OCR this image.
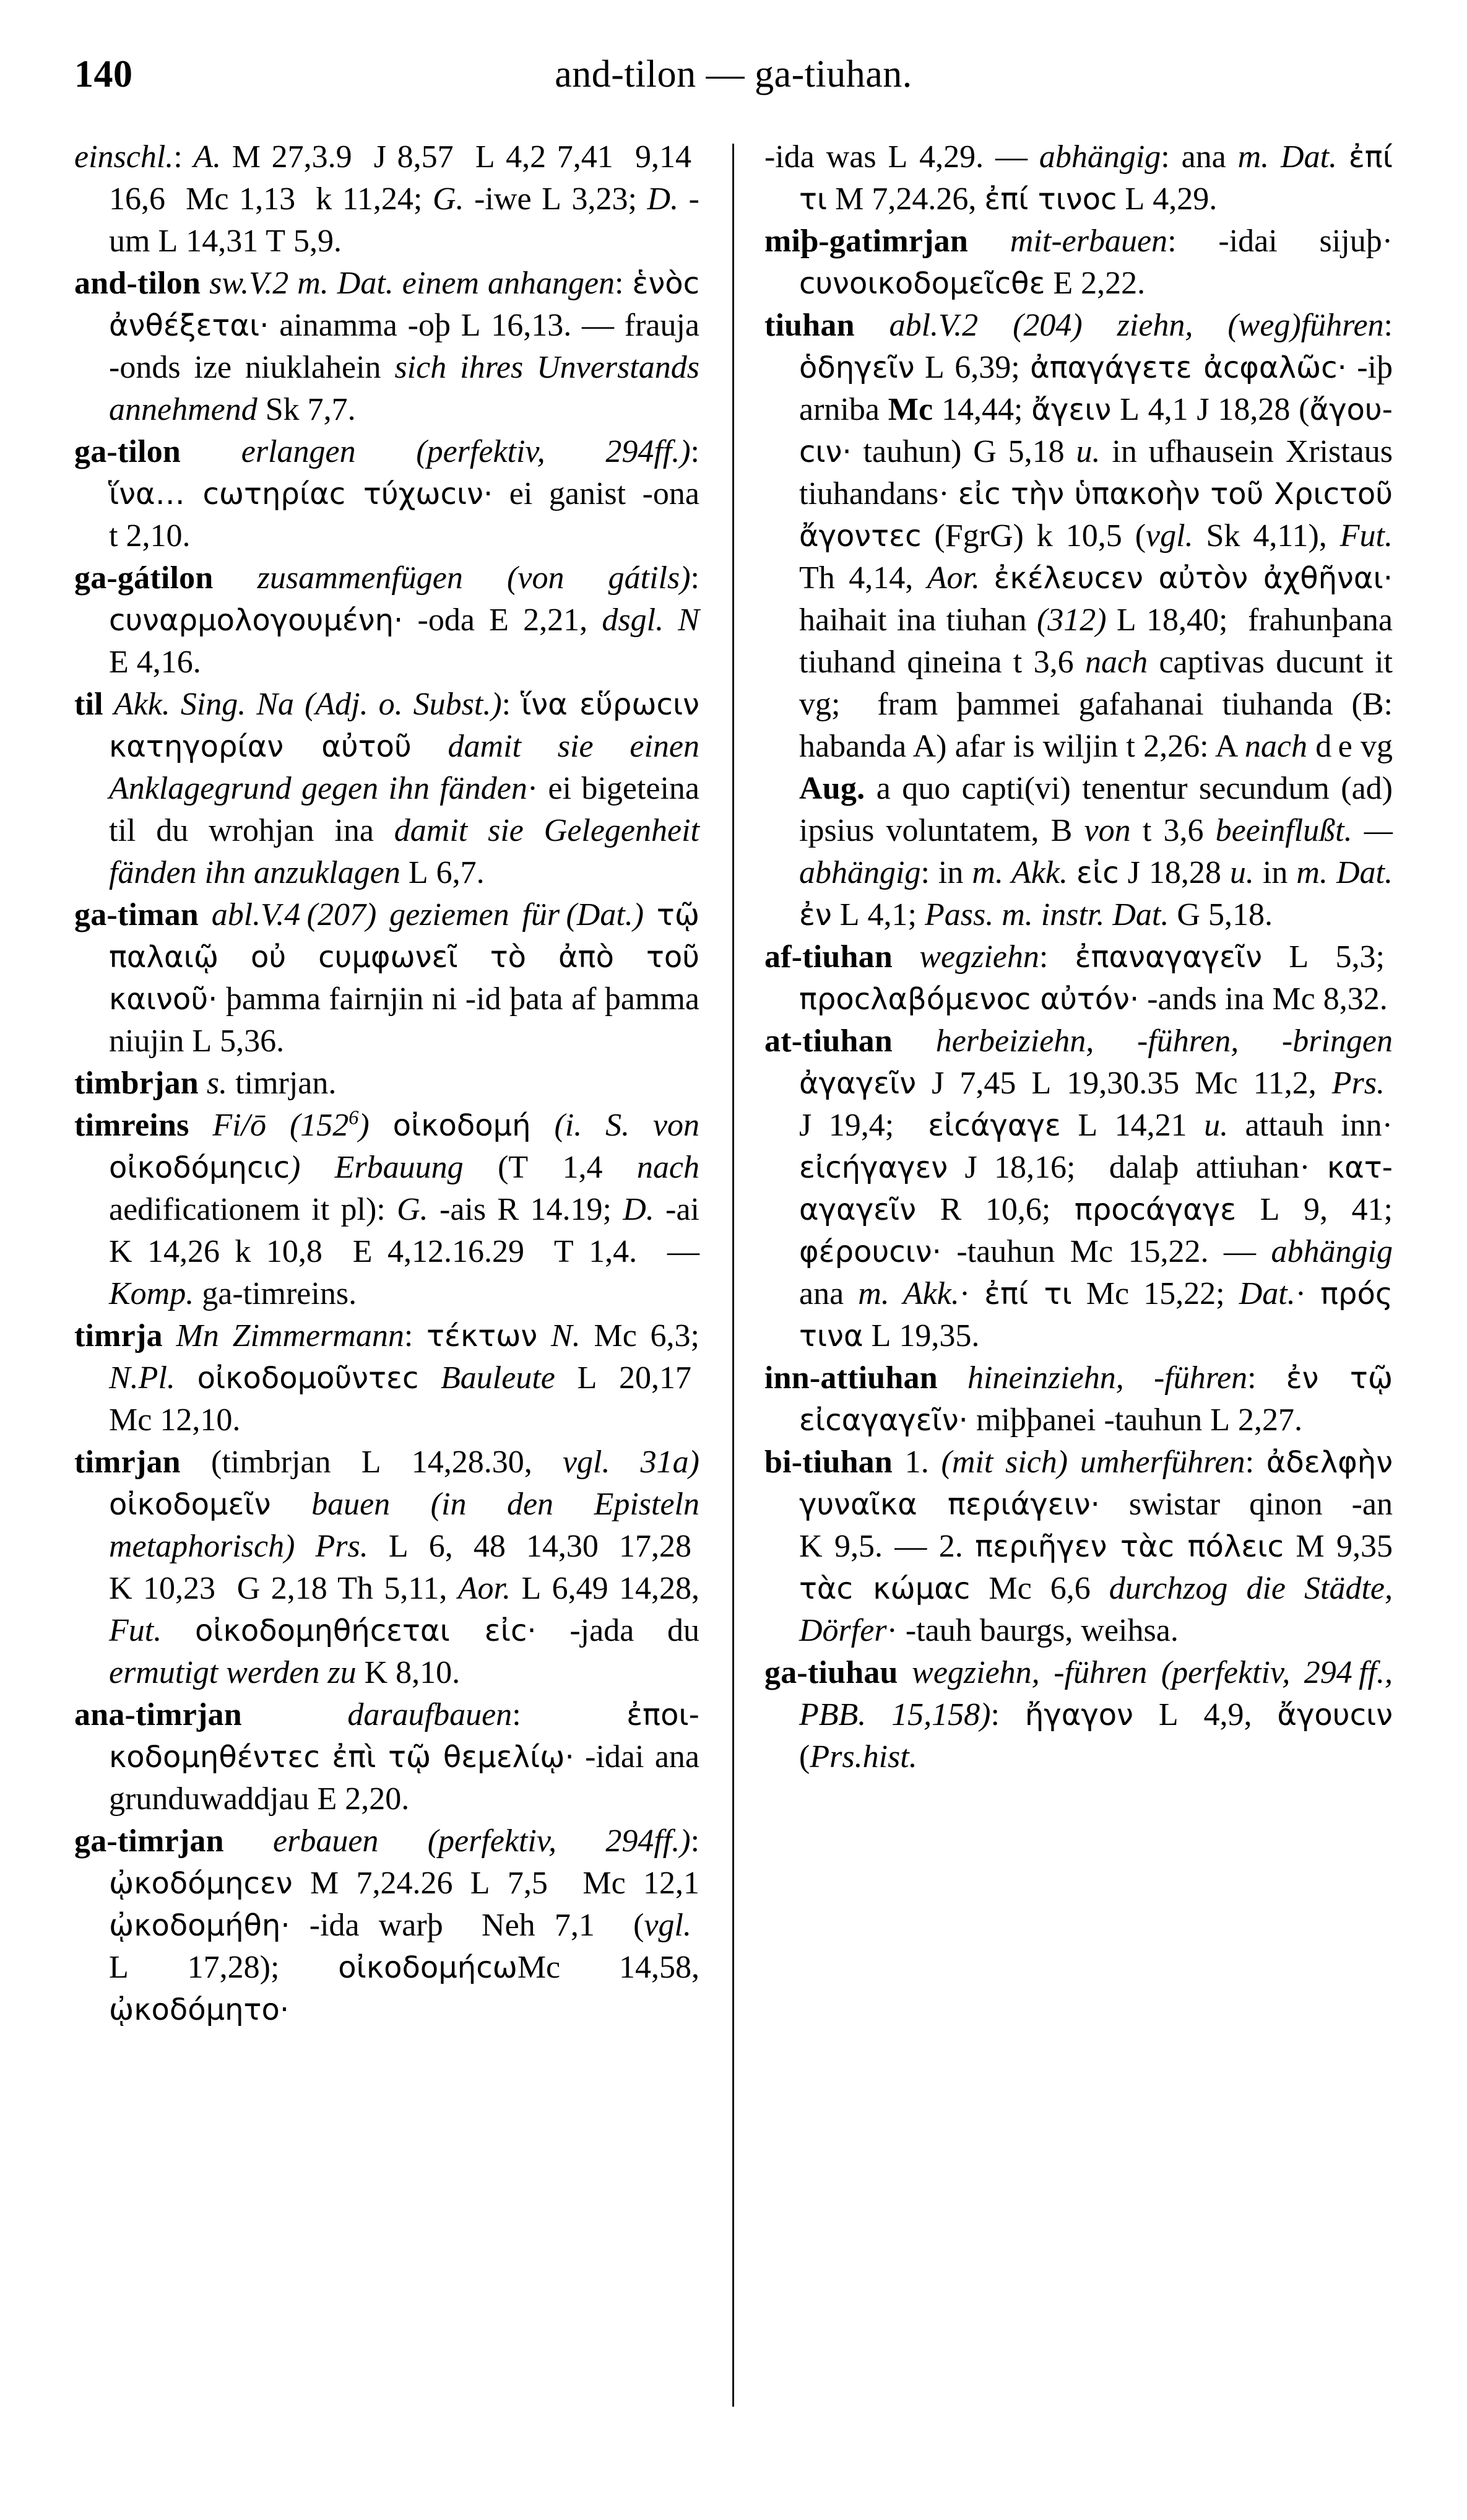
140	and-tilon — ga-tiuhan.

einschl.: A. M 27,3.9  J 8,57  L 4,2 7,41  9,14  16,6  Mc 1,13  k 11,24; G. -iwe L 3,23; D. -um L 14,31 T 5,9.

and-tilon sw.V.2 m. Dat. einem anhangen: ἑνὸϲ ἀνθέξεται· ainamma -oþ L 16,13. — frauja -onds ize niuklahein sich ihres Unverstands annehmend Sk 7,7.

ga-tilon erlangen (perfektiv, 294ff.): ἵνα… ϲωτηρίαϲ τύχωϲιν· ei ganist -ona t 2,10.

ga-gátilon zusammenfügen (von gátils): ϲυναρμολογουμένη· -oda E 2,21, dsgl. N E 4,16.

til Akk. Sing. Na (Adj. o. Subst.): ἵνα εὕρωϲιν κατηγορίαν αὐτοῦ damit sie einen Anklagegrund gegen ihn fänden· ei bigeteina til du wrohjan ina damit sie Gelegenheit fänden ihn anzuklagen L 6,7.

ga-timan abl.V.4 (207) geziemen für (Dat.) τῷ παλαιῷ οὐ ϲυμφωνεῖ τὸ ἀπὸ τοῦ καινοῦ· þamma fairnjin ni -id þata af þamma niujin L 5,36.

timbrjan s. timrjan.

timreins Fi/ō $(152^6)$ οἰκοδομή (i. S. von οἰκοδόμηϲιϲ) Erbauung (T 1,4 nach aedificationem it pl): G. -ais R 14.19; D. -ai K 14,26 k 10,8  E 4,12.16.29  T 1,4.  — Komp. ga-timreins.

timrja Mn Zimmermann: τέκτων N. Mc 6,3; N.Pl. οἰκοδομοῦντεϲ Bauleute L 20,17  Mc 12,10.

timrjan (timbrjan L 14,28.30, vgl. 31a) οἰκοδομεῖν bauen (in den Episteln metaphorisch) Prs. L 6, 48 14,30 17,28  K 10,23  G 2,18 Th 5,11, Aor. L 6,49 14,28, Fut. οἰκοδομηθήϲεται εἰϲ· -jada du ermutigt werden zu K 8,10.

ana-timrjan	daraufbauen: ἐποικοδομηθέντεϲ ἐπὶ τῷ θεμελίῳ· -idai ana grunduwaddjau E 2,20.

ga-timrjan erbauen (perfektiv, 294ff.): ᾠκοδόμηϲεν M 7,24.26 L 7,5  Mc 12,1 ᾠκοδομήθη· -ida warþ  Neh 7,1  (vgl.  L 17,28); οἰκοδομήϲωMc 14,58, ᾠκοδόμητο·

-ida was L 4,29. — abhängig: ana m. Dat. ἐπί τι M 7,24.26, ἐπί τινοϲ L 4,29.

miþ-gatimrjan mit-erbauen: -idai sijuþ· ϲυνοικοδομεῖϲθε E 2,22.

tiuhan abl.V.2 (204) ziehn, (weg)führen: ὁδηγεῖν L 6,39; ἀπαγάγετε ἀϲφαλῶϲ· -iþ arniba Mc 14,44; ἄγειν L 4,1 J 18,28 (ἄγουϲιν· tauhun) G 5,18 u. in ufhausein Xristaus tiuhandans· εἰϲ τὴν ὑπακοὴν τοῦ Χριϲτοῦ ἄγοντεϲ (FgrG) k 10,5 (vgl. Sk 4,11), Fut. Th 4,14, Aor. ἐκέλευϲεν αὐτὸν ἀχθῆναι· haihait ina tiuhan (312) L 18,40;  frahunþana tiuhand qineina t 3,6 nach captivas ducunt it vg;  fram þammei gafahanai tiuhanda (B: habanda A) afar is wiljin t 2,26: A nach d e vg Aug. a quo capti(vi) tenentur secundum (ad) ipsius voluntatem, B von t 3,6 beeinflußt. — abhängig: in m. Akk. εἰϲ J 18,28 u. in m. Dat. ἐν L 4,1; Pass. m. instr. Dat. G 5,18.

af-tiuhan wegziehn: ἐπαναγαγεῖν L 5,3;  προϲλαβόμενοϲ αὐτόν· -ands ina Mc 8,32.

at-tiuhan herbeiziehn, -führen, -bringen ἀγαγεῖν J 7,45 L 19,30.35 Mc 11,2, Prs.  J 19,4;  εἰϲάγαγε L 14,21 u. attauh inn· εἰϲήγαγεν J 18,16;  dalaþ attiuhan· καταγαγεῖν R 10,6; προϲάγαγε L 9, 41; φέρουϲιν· -tauhun Mc 15,22. — abhängig ana m. Akk.· ἐπί τι Mc 15,22; Dat.· πρός τινα L 19,35.

inn-attiuhan hineinziehn, -führen: ἐν τῷ εἰϲαγαγεῖν· miþþanei -tauhun L 2,27.

bi-tiuhan 1. (mit sich) umherführen: ἀδελφὴν γυναῖκα περιάγειν· swistar qinon -an K 9,5. — 2. περιῆγεν τὰϲ πόλειϲ M 9,35 τὰϲ κώμαϲ Mc 6,6 durchzog die Städte, Dörfer· -tauh baurgs, weihsa.

ga-tiuhau wegziehn, -führen (perfektiv, 294 ff., PBB. 15,158): ἤγαγον L 4,9, ἄγουϲιν (Prs.hist.
